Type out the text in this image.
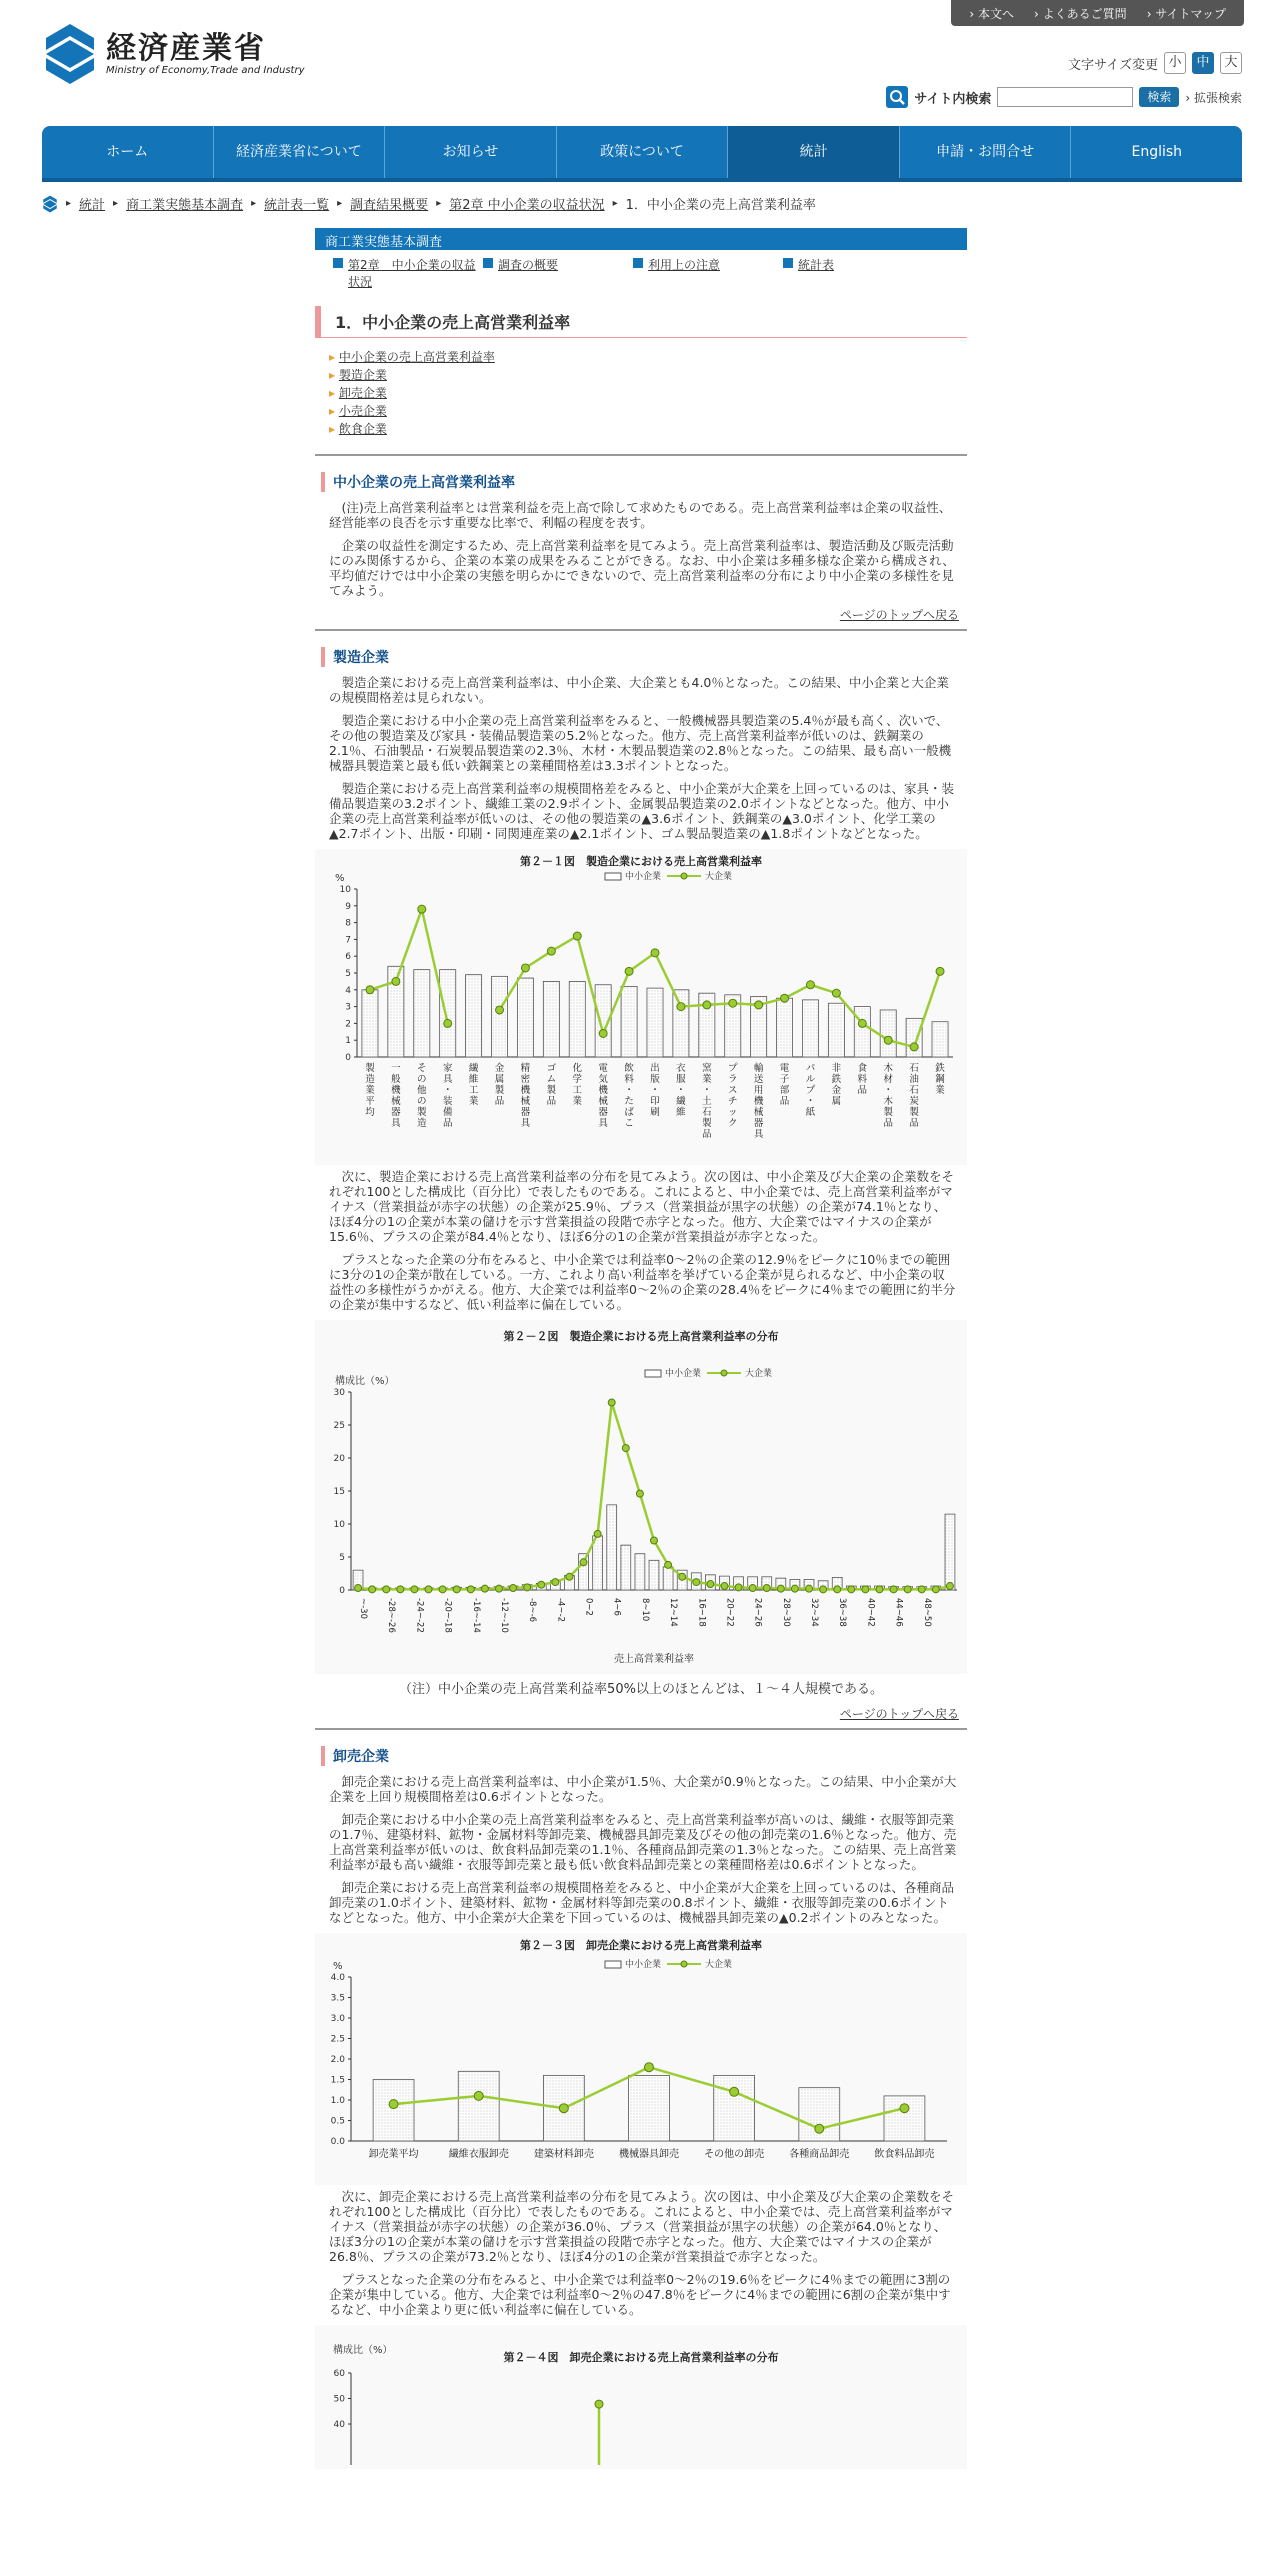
› 本文へ	› よくあるご質問	› サイトマップ
経済産業省
Ministry of Economy,Trade and Industry	文字サイズ変更 小	中	大
サイト内検索	検索	› 拡張検索
ホーム	経済産業省について	お知らせ	政策について	統計	申請・お問合せ	English
▸ 統計 ▸ 商工業実態基本調査 ▸ 統計表一覧 ▸ 調査結果概要 ▸ 第2章 中小企業の収益状況 ▸ 1．中小企業の売上高営業利益率
商工業実態基本調査
第2章　中小企業の収益状況
調査の概要	利用上の注意	統計表
1．中小企業の売上高営業利益率
▸ 中小企業の売上高営業利益率
▸ 製造企業
▸ 卸売企業
▸ 小売企業
▸ 飲食企業
中小企業の売上高営業利益率

(注)売上高営業利益率とは営業利益を売上高で除して求めたものである。売上高営業利益率は企業の収益性、経営能率の良否を示す重要な比率で、利幅の程度を表す。

企業の収益性を測定するため、売上高営業利益率を見てみよう。売上高営業利益率は、製造活動及び販売活動にのみ関係するから、企業の本業の成果をみることができる。なお、中小企業は多種多様な企業から構成され、平均値だけでは中小企業の実態を明らかにできないので、売上高営業利益率の分布により中小企業の多様性を見てみよう。

ページのトップへ戻る
製造企業

製造企業における売上高営業利益率は、中小企業、大企業とも4.0％となった。この結果、中小企業と大企業の規模間格差は見られない。

製造企業における中小企業の売上高営業利益率をみると、一般機械器具製造業の5.4％が最も高く、次いで、その他の製造業及び家具・装備品製造業の5.2％となった。他方、売上高営業利益率が低いのは、鉄鋼業の2.1％、石油製品・石炭製品製造業の2.3％、木材・木製品製造業の2.8％となった。この結果、最も高い一般機械器具製造業と最も低い鉄鋼業との業種間格差は3.3ポイントとなった。

製造企業における売上高営業利益率の規模間格差をみると、中小企業が大企業を上回っているのは、家具・装備品製造業の3.2ポイント、繊維工業の2.9ポイント、金属製品製造業の2.0ポイントなどとなった。他方、中小企業の売上高営業利益率が低いのは、その他の製造業の▲3.6ポイント、鉄鋼業の▲3.0ポイント、化学工業の▲2.7ポイント、出版・印刷・同関連産業の▲2.1ポイント、ゴム製品製造業の▲1.8ポイントなどとなった。

第２－１図　製造企業における売上高営業利益率
中小企業	大企業
%
0
1
2
3
4
5
6
7
8
9
10
製
造
業
平
均
一
般
機
械
器
具
そ
の
他
の
製
造
家
具
・
装
備
品
繊
維
工
業
金
属
製
品
精
密
機
械
器
具
ゴ
ム
製
品
化
学
工
業
電
気
機
械
器
具
飲
料
・
た
ば
こ
出
版
・
印
刷
衣
服
・
繊
維
窯
業
・
土
石
製
品
プ
ラ
ス
チ
ッ
ク
輸
送
用
機
械
器
具
電
子
部
品
パ
ル
プ
・
紙
非
鉄
金
属
食
料
品
木
材
・
木
製
品
石
油
石
炭
製
品
鉄
鋼
業

次に、製造企業における売上高営業利益率の分布を見てみよう。次の図は、中小企業及び大企業の企業数をそれぞれ100とした構成比（百分比）で表したものである。これによると、中小企業では、売上高営業利益率がマイナス（営業損益が赤字の状態）の企業が25.9％、プラス（営業損益が黒字の状態）の企業が74.1％となり、ほぼ4分の1の企業が本業の儲けを示す営業損益の段階で赤字となった。他方、大企業ではマイナスの企業が15.6％、プラスの企業が84.4％となり、ほぼ6分の1の企業が営業損益が赤字となった。

プラスとなった企業の分布をみると、中小企業では利益率0～2％の企業の12.9％をピークに10％までの範囲に3分の1の企業が散在している。一方、これより高い利益率を挙げている企業が見られるなど、中小企業の収益性の多様性がうかがえる。他方、大企業では利益率0～2％の企業の28.4％をピークに4％までの範囲に約半分の企業が集中するなど、低い利益率に偏在している。

第２－２図　製造企業における売上高営業利益率の分布
中小企業	大企業
構成比（%）
0
5
10
15
20
25
30
~-30 -28~-26 -24~-22 -20~-18 -16~-14 -12~-10 -8~-6 -4~-2 0~2 4~6 8~10 12~14 16~18 20~22 24~26 28~30 32~34 36~38 40~42 44~46 48~50
売上高営業利益率
（注）中小企業の売上高営業利益率50%以上のほとんどは、１～４人規模である。
ページのトップへ戻る
卸売企業

卸売企業における売上高営業利益率は、中小企業が1.5％、大企業が0.9％となった。この結果、中小企業が大企業を上回り規模間格差は0.6ポイントとなった。

卸売企業における中小企業の売上高営業利益率をみると、売上高営業利益率が高いのは、繊維・衣服等卸売業の1.7％、建築材料、鉱物・金属材料等卸売業、機械器具卸売業及びその他の卸売業の1.6％となった。他方、売上高営業利益率が低いのは、飲食料品卸売業の1.1％、各種商品卸売業の1.3％となった。この結果、売上高営業利益率が最も高い繊維・衣服等卸売業と最も低い飲食料品卸売業との業種間格差は0.6ポイントとなった。

卸売企業における売上高営業利益率の規模間格差をみると、中小企業が大企業を上回っているのは、各種商品卸売業の1.0ポイント、建築材料、鉱物・金属材料等卸売業の0.8ポイント、繊維・衣服等卸売業の0.6ポイントなどとなった。他方、中小企業が大企業を下回っているのは、機械器具卸売業の▲0.2ポイントのみとなった。

第２－３図　卸売企業における売上高営業利益率
中小企業	大企業
%
0.0
0.5
1.0
1.5
2.0
2.5
3.0
3.5
4.0
卸売業平均	繊維衣服卸売	建築材料卸売	機械器具卸売	その他の卸売	各種商品卸売	飲食料品卸売

次に、卸売企業における売上高営業利益率の分布を見てみよう。次の図は、中小企業及び大企業の企業数をそれぞれ100とした構成比（百分比）で表したものである。これによると、中小企業では、売上高営業利益率がマイナス（営業損益が赤字の状態）の企業が36.0％、プラス（営業損益が黒字の状態）の企業が64.0％となり、ほぼ3分の1の企業が本業の儲けを示す営業損益の段階で赤字となった。他方、大企業ではマイナスの企業が26.8％、プラスの企業が73.2％となり、ほぼ4分の1の企業が営業損益で赤字となった。

プラスとなった企業の分布をみると、中小企業では利益率0～2％の19.6％をピークに4％までの範囲に3割の企業が集中している。他方、大企業では利益率0～2％の47.8％をピークに4％までの範囲に6割の企業が集中するなど、中小企業より更に低い利益率に偏在している。

構成比（%）
第２－４図　卸売企業における売上高営業利益率の分布
40
50
60
